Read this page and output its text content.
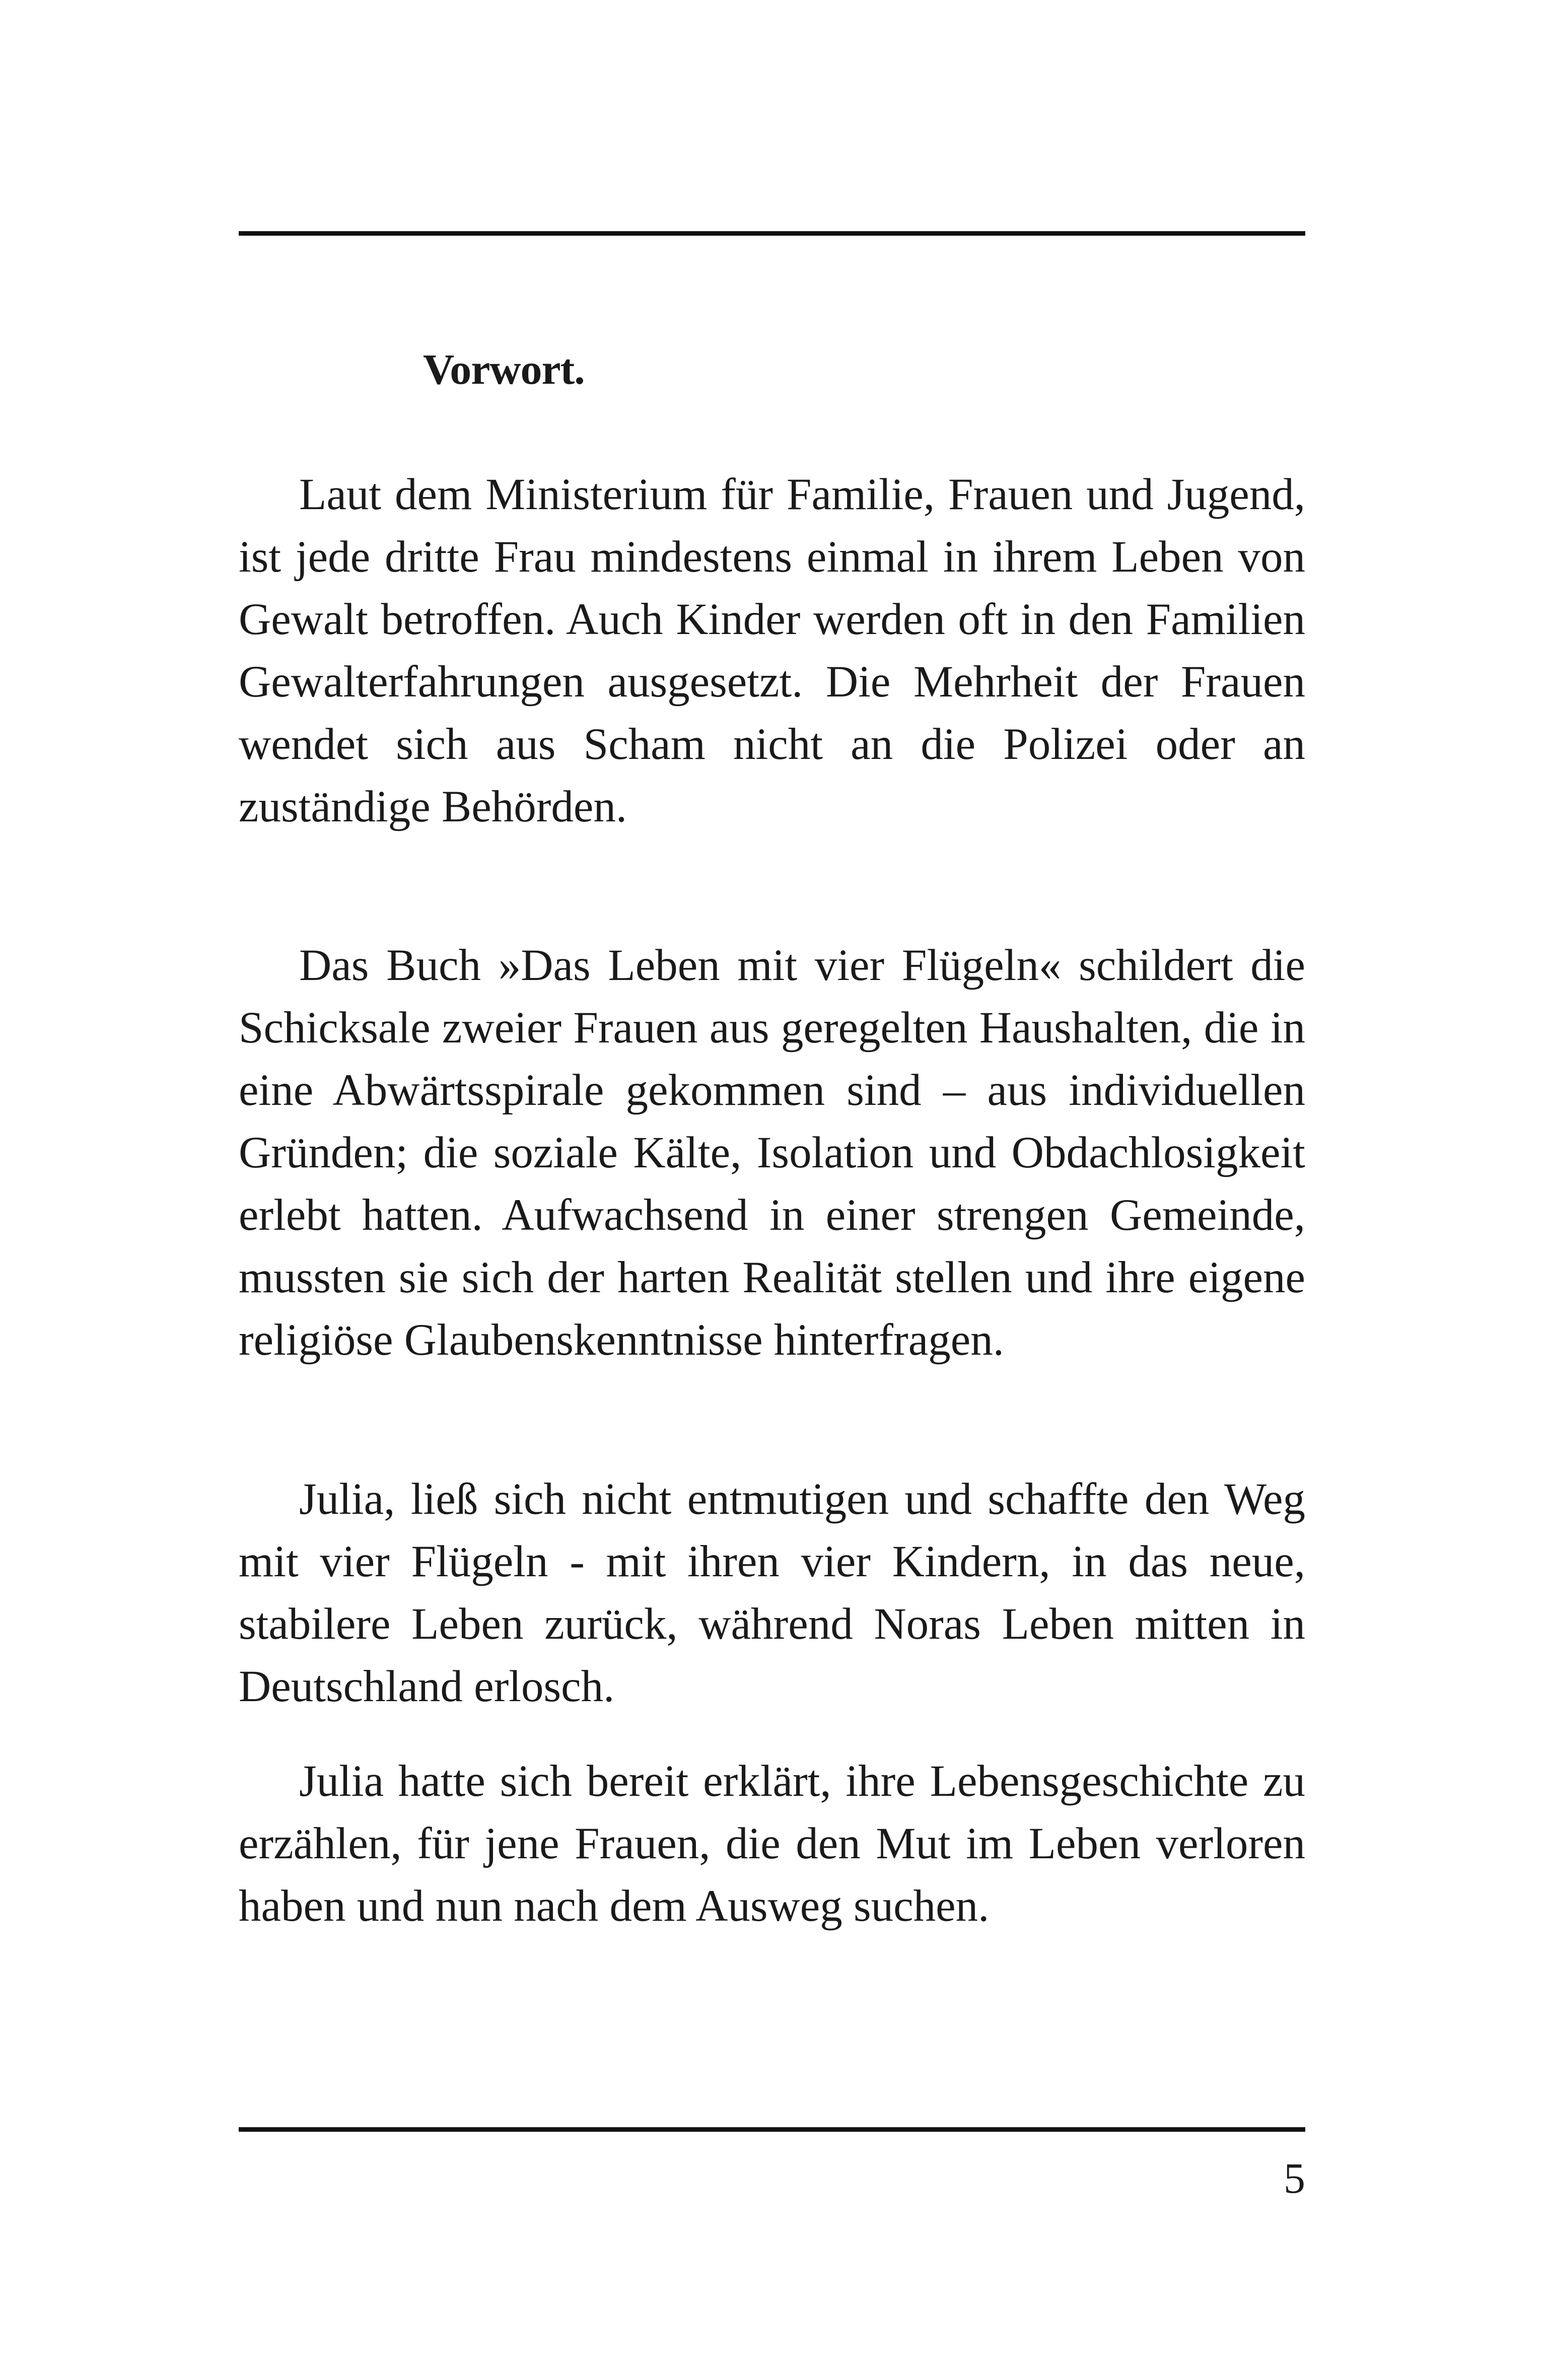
Vorwort.

Laut dem Ministerium für Familie, Frauen und Jugend, ist jede dritte Frau mindestens einmal in ihrem Leben von Gewalt betroffen. Auch Kinder werden oft in den Familien Gewalterfahrungen ausgesetzt. Die Mehrheit der Frauen wendet sich aus Scham nicht an die Polizei oder an zuständige Behörden.

Das Buch »Das Leben mit vier Flügeln« schildert die Schicksale zweier Frauen aus geregelten Haushalten, die in eine Abwärtsspirale gekommen sind – aus individuellen Gründen; die soziale Kälte, Isolation und Obdachlosigkeit erlebt hatten. Aufwachsend in einer strengen Gemeinde, mussten sie sich der harten Realität stellen und ihre eigene religiöse Glaubenskenntnisse hinterfragen.

Julia, ließ sich nicht entmutigen und schaffte den Weg mit vier Flügeln - mit ihren vier Kindern, in das neue, stabilere Leben zurück, während Noras Leben mitten in Deutschland erlosch.

Julia hatte sich bereit erklärt, ihre Lebensgeschichte zu erzählen, für jene Frauen, die den Mut im Leben verloren haben und nun nach dem Ausweg suchen.

5
